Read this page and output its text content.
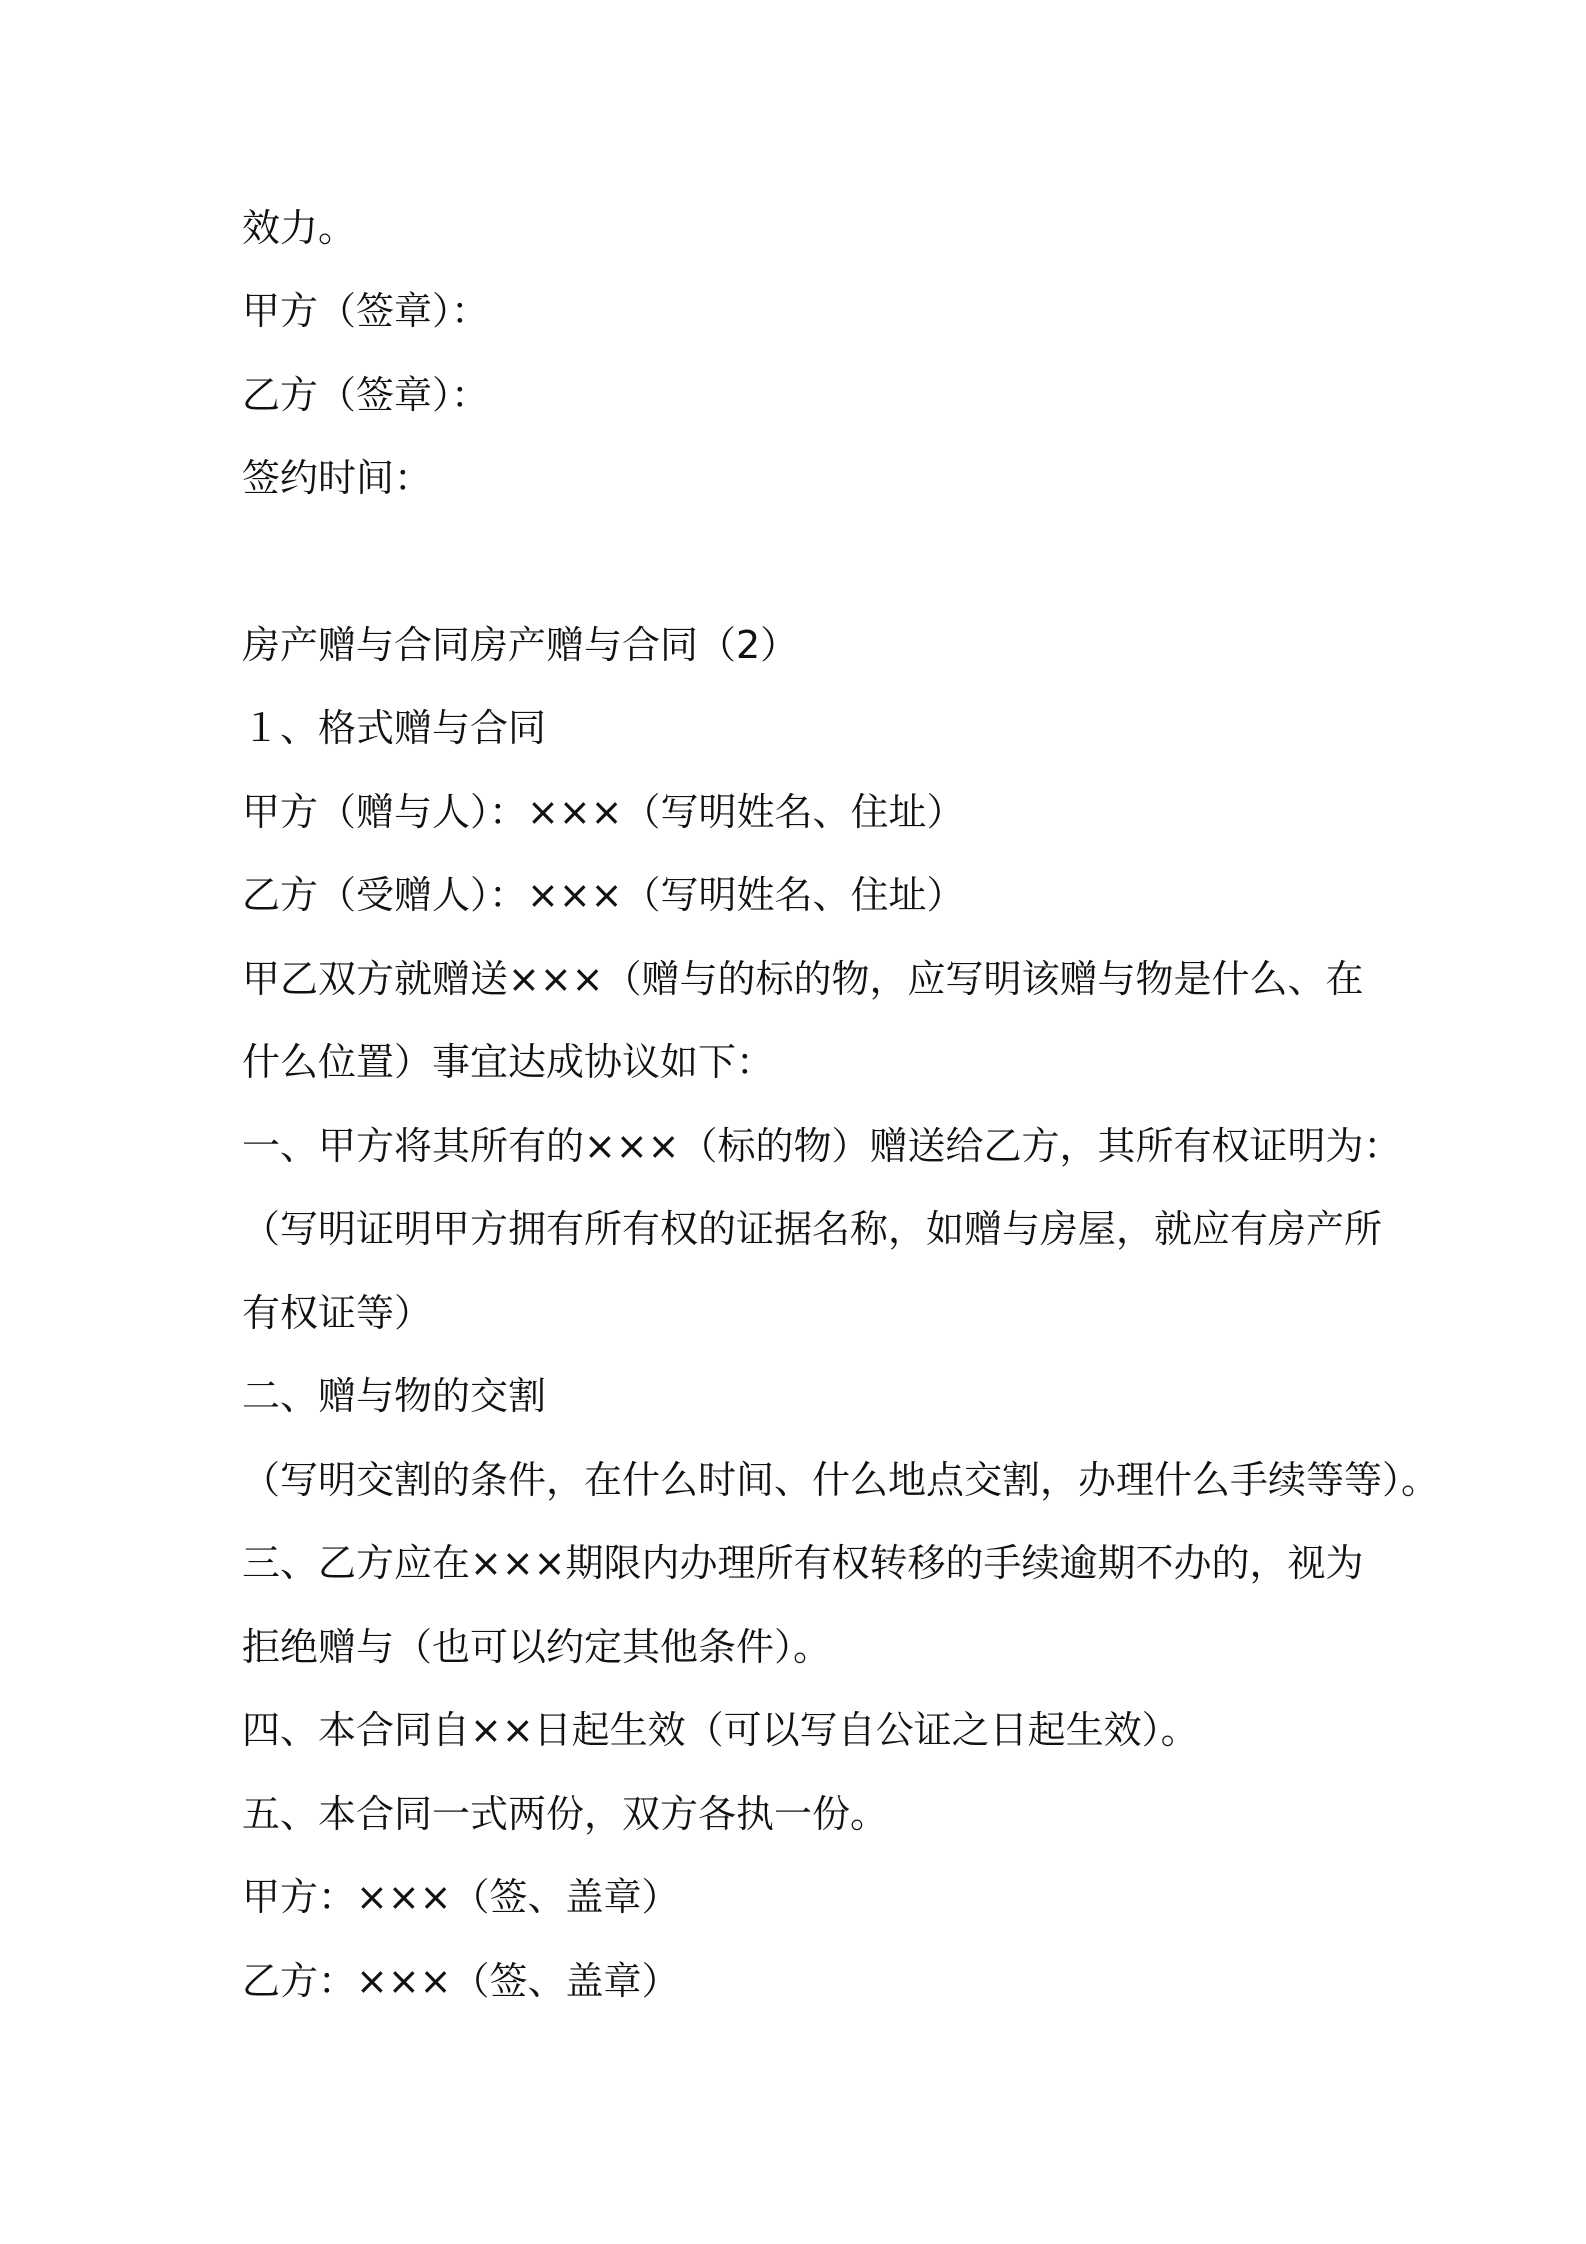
效力。
甲方（签章）：
乙方（签章）：
签约时间：
房产赠与合同房产赠与合同（2）
１、格式赠与合同
甲方（赠与人）：×××（写明姓名、住址）
乙方（受赠人）：×××（写明姓名、住址）
甲乙双方就赠送×××（赠与的标的物，应写明该赠与物是什么、在
什么位置）事宜达成协议如下：
一、甲方将其所有的×××（标的物）赠送给乙方，其所有权证明为：
（写明证明甲方拥有所有权的证据名称，如赠与房屋，就应有房产所
有权证等）
二、赠与物的交割
（写明交割的条件，在什么时间、什么地点交割，办理什么手续等等）。
三、乙方应在×××期限内办理所有权转移的手续逾期不办的，视为
拒绝赠与（也可以约定其他条件）。
四、本合同自××日起生效（可以写自公证之日起生效）。
五、本合同一式两份，双方各执一份。
甲方：×××（签、盖章）
乙方：×××（签、盖章）
